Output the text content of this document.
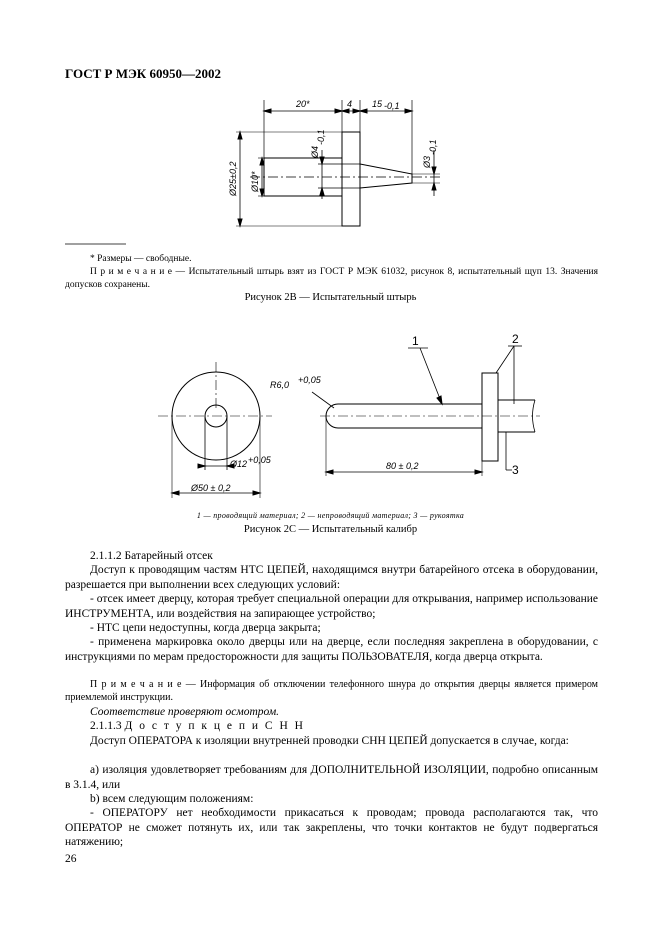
ГОСТ Р МЭК 60950—2002
20*	4 15 -0,1
Ø25±0,2 Ø10*
Ø4
-0,1
Ø3
-0,1
R6,0 +0,05
Ø12 +0,05
Ø50 ± 0,2
80 ± 0,2
1	2
3
* Размеры — свободные.
П р и м е ч а н и е — Испытательный штырь взят из ГОСТ Р МЭК 61032, рисунок 8, испытательный щуп 13. Значения допусков сохранены.
Рисунок 2В — Испытательный штырь
1 — проводящий материал; 2 — непроводящий материал; 3 — рукоятка
Рисунок 2С — Испытательный калибр
2.1.1.2 Батарейный отсек
Доступ к проводящим частям НТС ЦЕПЕЙ, находящимся внутри батарейного отсека в оборудовании, разрешается при выполнении всех следующих условий:
- отсек имеет дверцу, которая требует специальной операции для открывания, например использование ИНСТРУМЕНТА, или воздействия на запирающее устройство;
- НТС цепи недоступны, когда дверца закрыта;
- применена маркировка около дверцы или на дверце, если последняя закреплена в оборудовании, с инструкциями по мерам предосторожности для защиты ПОЛЬЗОВАТЕЛЯ, когда дверца открыта.
П р и м е ч а н и е — Информация об отключении телефонного шнура до открытия дверцы является примером приемлемой инструкции.
Соответствие проверяют осмотром.
2.1.1.3 Д о с т у п к ц е п и С Н Н
Доступ ОПЕРАТОРА к изоляции внутренней проводки СНН ЦЕПЕЙ допускается в случае, когда:
а) изоляция удовлетворяет требованиям для ДОПОЛНИТЕЛЬНОЙ ИЗОЛЯЦИИ, подробно описанным в 3.1.4, или
b) всем следующим положениям:
- ОПЕРАТОРУ нет необходимости прикасаться к проводам; провода располагаются так, что ОПЕРАТОР не сможет потянуть их, или так закреплены, что точки контактов не будут подвергаться натяжению;
26
